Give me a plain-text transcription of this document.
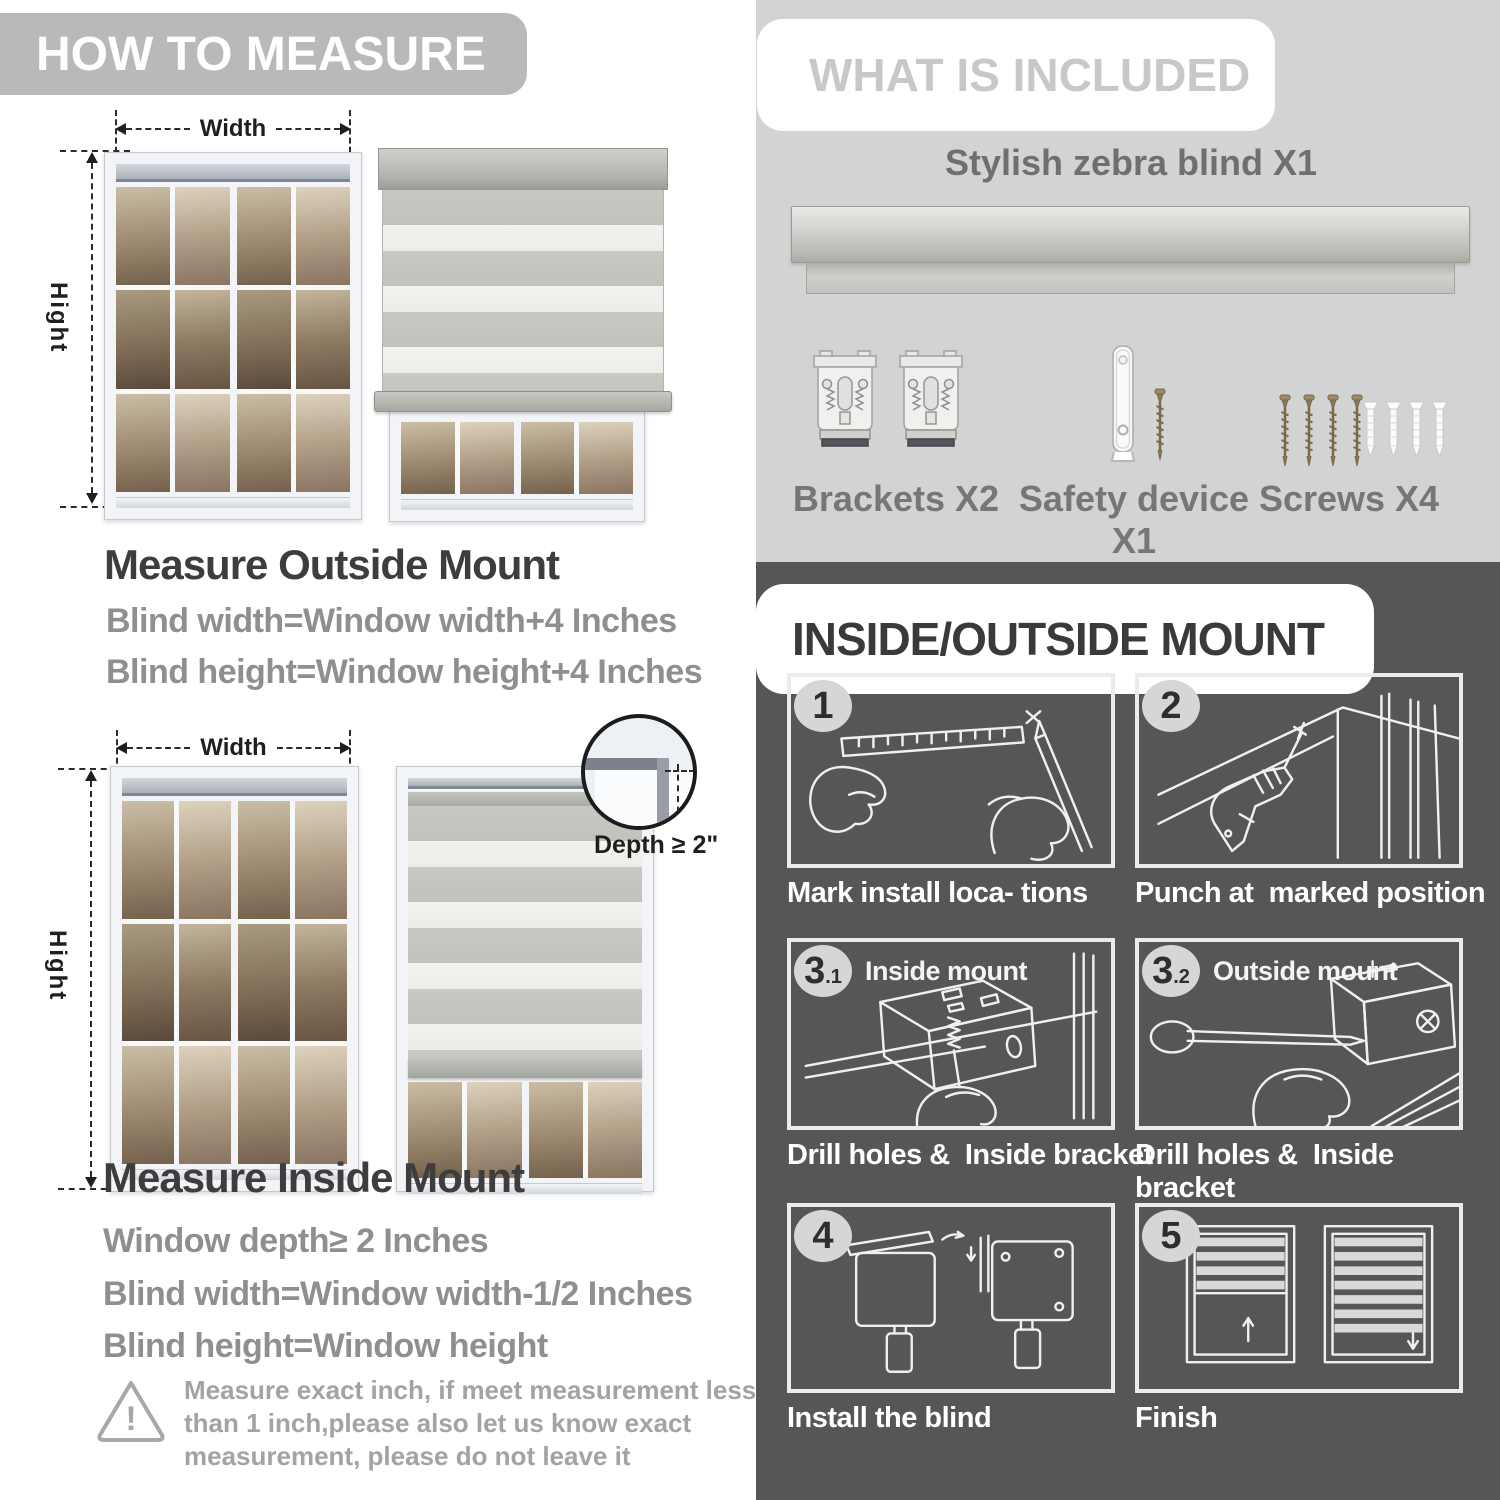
HOW TO MEASURE
Width
Hight
Measure Outside Mount
Blind width=Window width+4 Inches
Blind height=Window height+4 Inches
Width
Hight
Depth ≥ 2"
Measure Inside Mount
Window depth≥ 2 Inches
Blind width=Window width-1/2 Inches
Blind height=Window height
!
Measure exact inch, if meet measurement less
than 1 inch,please also let us know exact
measurement, please do not leave it
WHAT IS INCLUDED
Stylish zebra blind X1
Brackets X2 Safety device X1
Screws X4
INSIDE/OUTSIDE MOUNT
1
Mark install loca- tions
2
Punch at  marked position
3 .1 Inside mount
Drill holes &  Inside bracket
3 .2 Outside mount
Drill holes &  Inside bracket
4
Install the blind
5
Finish
